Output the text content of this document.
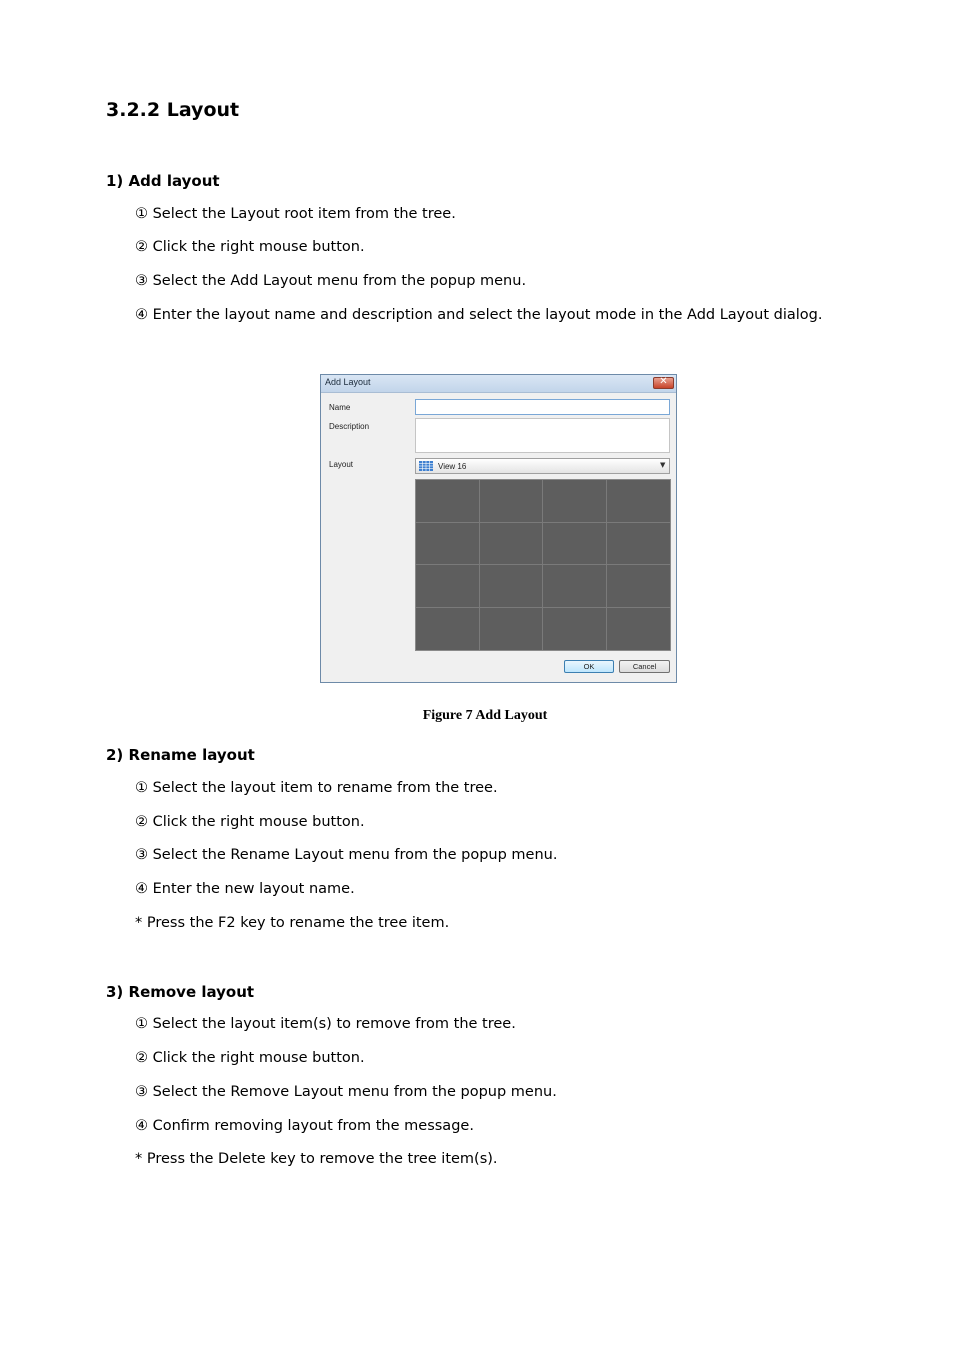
3.2.2 Layout
1) Add layout
① Select the Layout root item from the tree.
② Click the right mouse button.
③ Select the Add Layout menu from the popup menu.
④ Enter the layout name and description and select the layout mode in the Add Layout dialog.
Add Layout	✕
Name
Description
Layout	View 16	▼
OK	Cancel
Figure 7 Add Layout
2) Rename layout
① Select the layout item to rename from the tree.
② Click the right mouse button.
③ Select the Rename Layout menu from the popup menu.
④ Enter the new layout name.
* Press the F2 key to rename the tree item.
3) Remove layout
① Select the layout item(s) to remove from the tree.
② Click the right mouse button.
③ Select the Remove Layout menu from the popup menu.
④ Confirm removing layout from the message.
* Press the Delete key to remove the tree item(s).
